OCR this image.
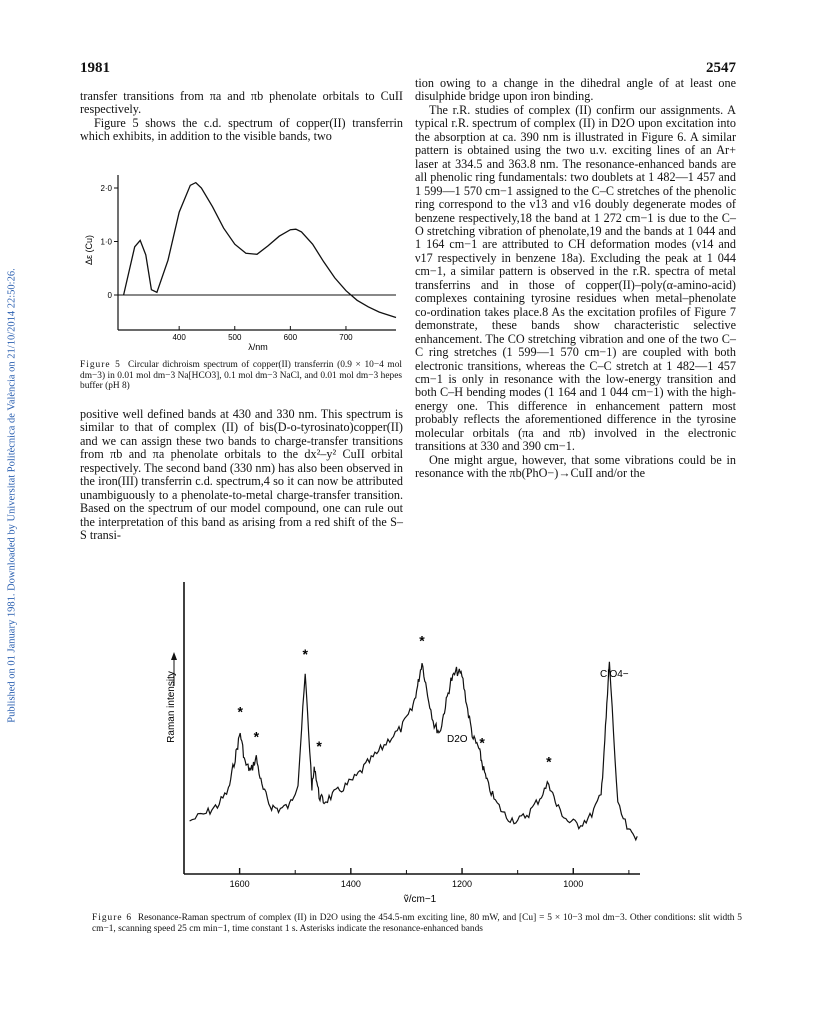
1981	2547
Published on 01 January 1981. Downloaded by Universitat Politècnica de València on 21/10/2014 22:50:26.

transfer transitions from πa and πb phenolate orbitals to CuII respectively.

Figure 5 shows the c.d. spectrum of copper(II) transferrin which exhibits, in addition to the visible bands, two

2·0
1·0
0
400	500	600	700
Δε (Cu)
λ/nm
Figure 5 Circular dichroism spectrum of copper(II) transferrin (0.9 × 10−4 mol dm−3) in 0.01 mol dm−3 Na[HCO3], 0.1 mol dm−3 NaCl, and 0.01 mol dm−3 hepes buffer (pH 8)

positive well defined bands at 430 and 330 nm. This spectrum is similar to that of complex (II) of bis(D-o-tyrosinato)copper(II) and we can assign these two bands to charge-transfer transitions from πb and πa phenolate orbitals to the dx²–y² CuII orbital respectively. The second band (330 nm) has also been observed in the iron(III) transferrin c.d. spectrum,4 so it can now be attributed unambiguously to a phenolate-to-metal charge-transfer transition. Based on the spectrum of our model compound, one can rule out the interpretation of this band as arising from a red shift of the S–S transi-

tion owing to a change in the dihedral angle of at least one disulphide bridge upon iron binding.

The r.R. studies of complex (II) confirm our assignments. A typical r.R. spectrum of complex (II) in D2O upon excitation into the absorption at ca. 390 nm is illustrated in Figure 6. A similar pattern is obtained using the two u.v. exciting lines of an Ar+ laser at 334.5 and 363.8 nm. The resonance-enhanced bands are all phenolic ring fundamentals: two doublets at 1 482—1 457 and 1 599—1 570 cm−1 assigned to the C–C stretches of the phenolic ring correspond to the ν13 and ν16 doubly degenerate modes of benzene respectively,18 the band at 1 272 cm−1 is due to the C–O stretching vibration of phenolate,19 and the bands at 1 044 and 1 164 cm−1 are attributed to CH deformation modes (ν14 and ν17 respectively in benzene 18a). Excluding the peak at 1 044 cm−1, a similar pattern is observed in the r.R. spectra of metal transferrins and in those of copper(II)–poly(α-amino-acid) complexes containing tyrosine residues when metal–phenolate co-ordination takes place.8 As the excitation profiles of Figure 7 demonstrate, these bands show characteristic selective enhancement. The CO stretching vibration and one of the two C–C ring stretches (1 599—1 570 cm−1) are coupled with both electronic transitions, whereas the C–C stretch at 1 482—1 457 cm−1 is only in resonance with the low-energy transition and both C–H bending modes (1 164 and 1 044 cm−1) with the high-energy one. This difference in enhancement pattern most probably reflects the aforementioned difference in the tyrosine molecular orbitals (πa and πb) involved in the electronic transitions at 330 and 390 cm−1.

One might argue, however, that some vibrations could be in resonance with the πb(PhO−)→CuII and/or the

1600	1400	1200	1000
Raman intensity
ṽ/cm−1
*
*
*
*
*
*
*
D2O
ClO4−
Figure 6 Resonance-Raman spectrum of complex (II) in D2O using the 454.5-nm exciting line, 80 mW, and [Cu] = 5 × 10−3 mol dm−3. Other conditions: slit width 5 cm−1, scanning speed 25 cm min−1, time constant 1 s. Asterisks indicate the resonance-enhanced bands
